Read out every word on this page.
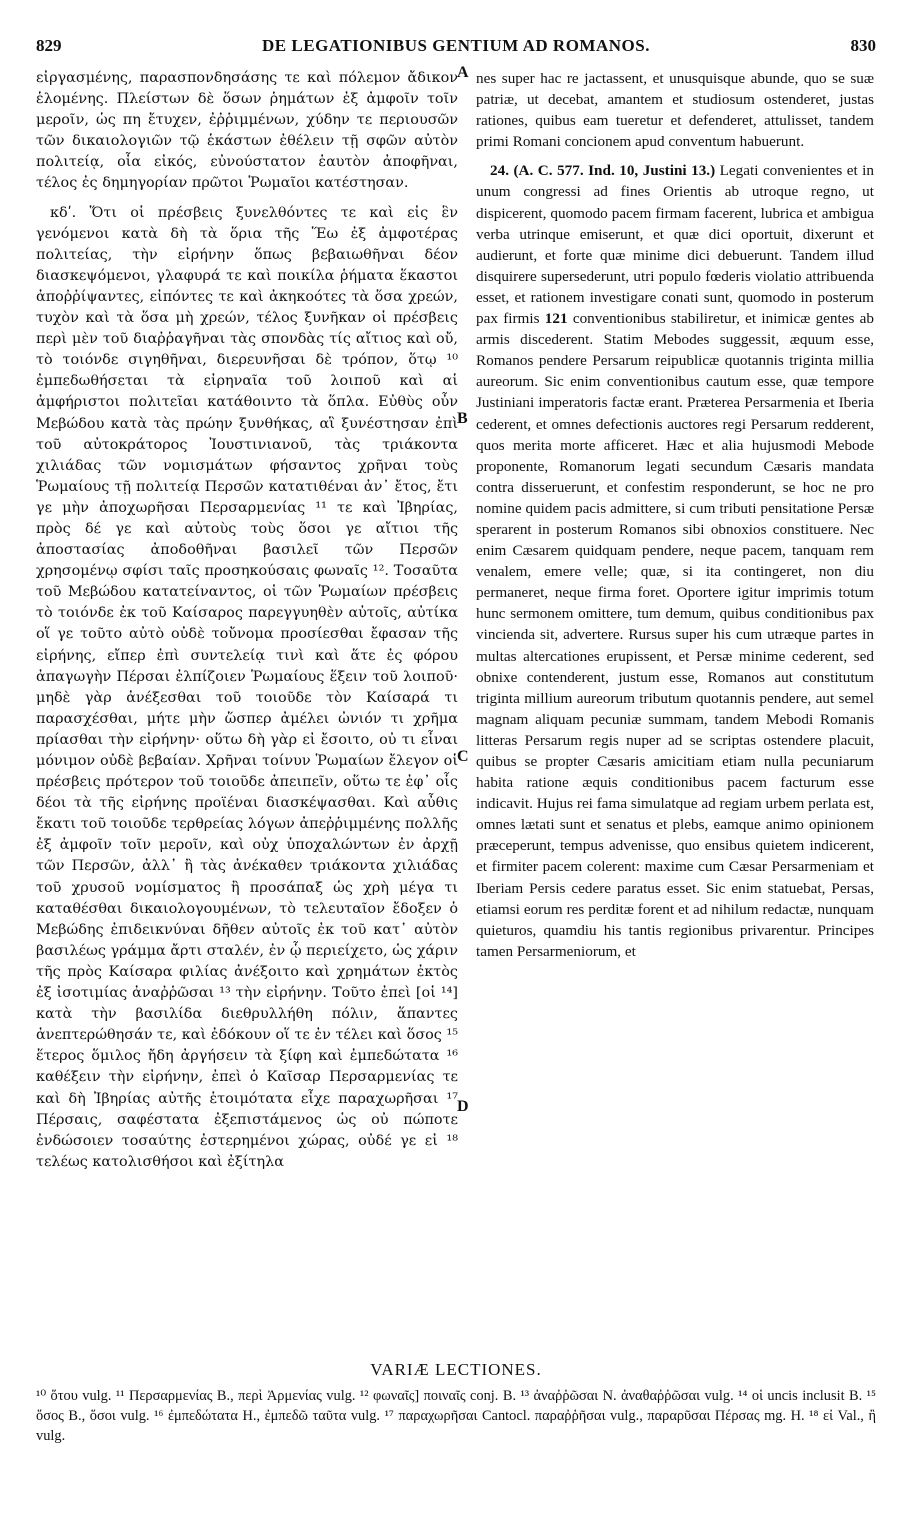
829	DE LEGATIONIBUS GENTIUM AD ROMANOS.	830

εἰργασμένης, παρασπονδησάσης τε καὶ πόλεμον ἄδικον ἑλομένης. Πλείστων δὲ ὅσων ῥημάτων ἐξ ἀμφοῖν τοῖν μεροῖν, ὡς πη ἔτυχεν, ἐῤῥιμμένων, χύδην τε περιουσῶν τῶν δικαιολογιῶν τῷ ἑκάστων ἐθέλειν τῇ σφῶν αὐτὸν πολιτείᾳ, οἷα εἰκός, εὐνούστατον ἑαυτὸν ἀποφῆναι, τέλος ἐς δημηγορίαν πρῶτοι Ῥωμαῖοι κατέστησαν.

κδʹ. Ὅτι οἱ πρέσβεις ξυνελθόντες τε καὶ εἰς ἓν γενόμενοι κατὰ δὴ τὰ ὅρια τῆς Ἕω ἐξ ἀμφοτέρας πολιτείας, τὴν εἰρήνην ὅπως βεβαιωθῆναι δέον διασκεψόμενοι, γλαφυρά τε καὶ ποικίλα ῥήματα ἕκαστοι ἀποῤῥίψαντες, εἰπόντες τε καὶ ἀκηκοότες τὰ ὅσα χρεών, τυχὸν καὶ τὰ ὅσα μὴ χρεών, τέλος ξυνῆκαν οἱ πρέσβεις περὶ μὲν τοῦ διαῤῥαγῆναι τὰς σπονδὰς τίς αἴτιος καὶ οὔ, τὸ τοιόνδε σιγηθῆναι, διερευνῆσαι δὲ τρόπον, ὅτῳ ¹⁰ ἐμπεδωθήσεται τὰ εἰρηναῖα τοῦ λοιποῦ καὶ αἱ ἀμφήριστοι πολιτεῖαι κατάθοιντο τὰ ὅπλα. Εὐθὺς οὖν Μεβώδου κατὰ τὰς πρώην ξυνθήκας, αἳ ξυνέστησαν ἐπὶ τοῦ αὐτοκράτορος Ἰουστινιανοῦ, τὰς τριάκοντα χιλιάδας τῶν νομισμάτων φήσαντος χρῆναι τοὺς Ῥωμαίους τῇ πολιτείᾳ Περσῶν κατατιθέναι ἀν᾿ ἔτος, ἔτι γε μὴν ἀποχωρῆσαι Περσαρμενίας ¹¹ τε καὶ Ἰβηρίας, πρὸς δέ γε καὶ αὐτοὺς τοὺς ὅσοι γε αἴτιοι τῆς ἀποστασίας ἀποδοθῆναι βασιλεῖ τῶν Περσῶν χρησομένῳ σφίσι ταῖς προσηκούσαις φωναῖς ¹². Τοσαῦτα τοῦ Μεβώδου κατατείναντος, οἱ τῶν Ῥωμαίων πρέσβεις τὸ τοιόνδε ἐκ τοῦ Καίσαρος παρεγγυηθὲν αὐτοῖς, αὐτίκα οἵ γε τοῦτο αὐτὸ οὐδὲ τοὔνομα προσίεσθαι ἔφασαν τῆς εἰρήνης, εἴπερ ἐπὶ συντελείᾳ τινὶ καὶ ἅτε ἐς φόρου ἀπαγωγὴν Πέρσαι ἐλπίζοιεν Ῥωμαίους ἕξειν τοῦ λοιποῦ· μηδὲ γὰρ ἀνέξεσθαι τοῦ τοιοῦδε τὸν Καίσαρά τι παρασχέσθαι, μήτε μὴν ὥσπερ ἀμέλει ὠνιόν τι χρῆμα πρίασθαι τὴν εἰρήνην· οὕτω δὴ γὰρ εἰ ἔσοιτο, οὐ τι εἶναι μόνιμον οὐδὲ βεβαίαν. Χρῆναι τοίνυν Ῥωμαίων ἔλεγον οἱ πρέσβεις πρότερον τοῦ τοιοῦδε ἀπειπεῖν, οὕτω τε ἐφ᾿ οἷς δέοι τὰ τῆς εἰρήνης προϊέναι διασκέψασθαι. Καὶ αὖθις ἔκατι τοῦ τοιοῦδε τερθρείας λόγων ἀπεῤῥιμμένης πολλῆς ἐξ ἀμφοῖν τοῖν μεροῖν, καὶ οὐχ ὑποχαλώντων ἐν ἀρχῇ τῶν Περσῶν, ἀλλ᾿ ἢ τὰς ἀνέκαθεν τριάκοντα χιλιάδας τοῦ χρυσοῦ νομίσματος ἢ προσάπαξ ὡς χρὴ μέγα τι καταθέσθαι δικαιολογουμένων, τὸ τελευταῖον ἔδοξεν ὁ Μεβώδης ἐπιδεικνύναι δῆθεν αὐτοῖς ἐκ τοῦ κατ᾿ αὐτὸν βασιλέως γράμμα ἄρτι σταλέν, ἐν ᾧ περιείχετο, ὡς χάριν τῆς πρὸς Καίσαρα φιλίας ἀνέξοιτο καὶ χρημάτων ἐκτὸς ἐξ ἰσοτιμίας ἀναῤῥῶσαι ¹³ τὴν εἰρήνην. Τοῦτο ἐπεὶ [οἱ ¹⁴] κατὰ τὴν βασιλίδα διεθρυλλήθη πόλιν, ἅπαντες ἀνεπτερώθησάν τε, καὶ ἐδόκουν οἵ τε ἐν τέλει καὶ ὅσος ¹⁵ ἕτερος ὅμιλος ἤδη ἀργήσειν τὰ ξίφη καὶ ἐμπεδώτατα ¹⁶ καθέξειν τὴν εἰρήνην, ἐπεὶ ὁ Καῖσαρ Περσαρμενίας τε καὶ δὴ Ἰβηρίας αὐτῆς ἑτοιμότατα εἶχε παραχωρῆσαι ¹⁷ Πέρσαις, σαφέστατα ἐξεπιστάμενος ὡς οὐ πώποτε ἐνδώσοιεν τοσαύτης ἐστερημένοι χώρας, οὐδέ γε εἰ ¹⁸ τελέως κατολισθήσοι καὶ ἐξίτηλα

A
B
C
D

nes super hac re jactassent, et unusquisque abunde, quo se suæ patriæ, ut decebat, amantem et studiosum ostenderet, justas rationes, quibus eam tueretur et defenderet, attulisset, tandem primi Romani concionem apud conventum habuerunt.

24. (A. C. 577. Ind. 10, Justini 13.) Legati convenientes et in unum congressi ad fines Orientis ab utroque regno, ut dispicerent, quomodo pacem firmam facerent, lubrica et ambigua verba utrinque emiserunt, et quæ dici oportuit, dixerunt et audierunt, et forte quæ minime dici debuerunt. Tandem illud disquirere supersederunt, utri populo fœderis violatio attribuenda esset, et rationem investigare conati sunt, quomodo in posterum pax firmis 121 conventionibus stabiliretur, et inimicæ gentes ab armis discederent. Statim Mebodes suggessit, æquum esse, Romanos pendere Persarum reipublicæ quotannis triginta millia aureorum. Sic enim conventionibus cautum esse, quæ tempore Justiniani imperatoris factæ erant. Præterea Persarmenia et Iberia cederent, et omnes defectionis auctores regi Persarum redderent, quos merita morte afficeret. Hæc et alia hujusmodi Mebode proponente, Romanorum legati secundum Cæsaris mandata contra disseruerunt, et confestim responderunt, se hoc ne pro nomine quidem pacis admittere, si cum tributi pensitatione Persæ sperarent in posterum Romanos sibi obnoxios constituere. Nec enim Cæsarem quidquam pendere, neque pacem, tanquam rem venalem, emere velle; quæ, si ita contingeret, non diu permaneret, neque firma foret. Oportere igitur imprimis totum hunc sermonem omittere, tum demum, quibus conditionibus pax vincienda sit, advertere. Rursus super his cum utræque partes in multas altercationes erupissent, et Persæ minime cederent, sed obnixe contenderent, justum esse, Romanos aut constitutum triginta millium aureorum tributum quotannis pendere, aut semel magnam aliquam pecuniæ summam, tandem Mebodi Romanis litteras Persarum regis nuper ad se scriptas ostendere placuit, quibus se propter Cæsaris amicitiam etiam nulla pecuniarum habita ratione æquis conditionibus pacem facturum esse indicavit. Hujus rei fama simulatque ad regiam urbem perlata est, omnes lætati sunt et senatus et plebs, eamque animo opinionem præceperunt, tempus advenisse, quo ensibus quietem indicerent, et firmiter pacem colerent: maxime cum Cæsar Persarmeniam et Iberiam Persis cedere paratus esset. Sic enim statuebat, Persas, etiamsi eorum res perditæ forent et ad nihilum redactæ, nunquam quieturos, quamdiu his tantis regionibus privarentur. Principes tamen Persarmeniorum, et

VARIÆ LECTIONES.
¹⁰ ὅτου vulg. ¹¹ Περσαρμενίας B., περὶ Ἀρμενίας vulg. ¹² φωναῖς] ποιναῖς conj. B. ¹³ ἀναῤῥῶσαι N. ἀναθαῤῥῶσαι vulg. ¹⁴ οἱ uncis inclusit B. ¹⁵ ὅσος B., ὅσοι vulg. ¹⁶ ἐμπεδώτατα H., ἐμπεδῶ ταῦτα vulg. ¹⁷ παραχωρῆσαι Cantocl. παραῤῥῆσαι vulg., παραρῦσαι Πέρσας mg. H. ¹⁸ εἰ Val., ἢ vulg.
